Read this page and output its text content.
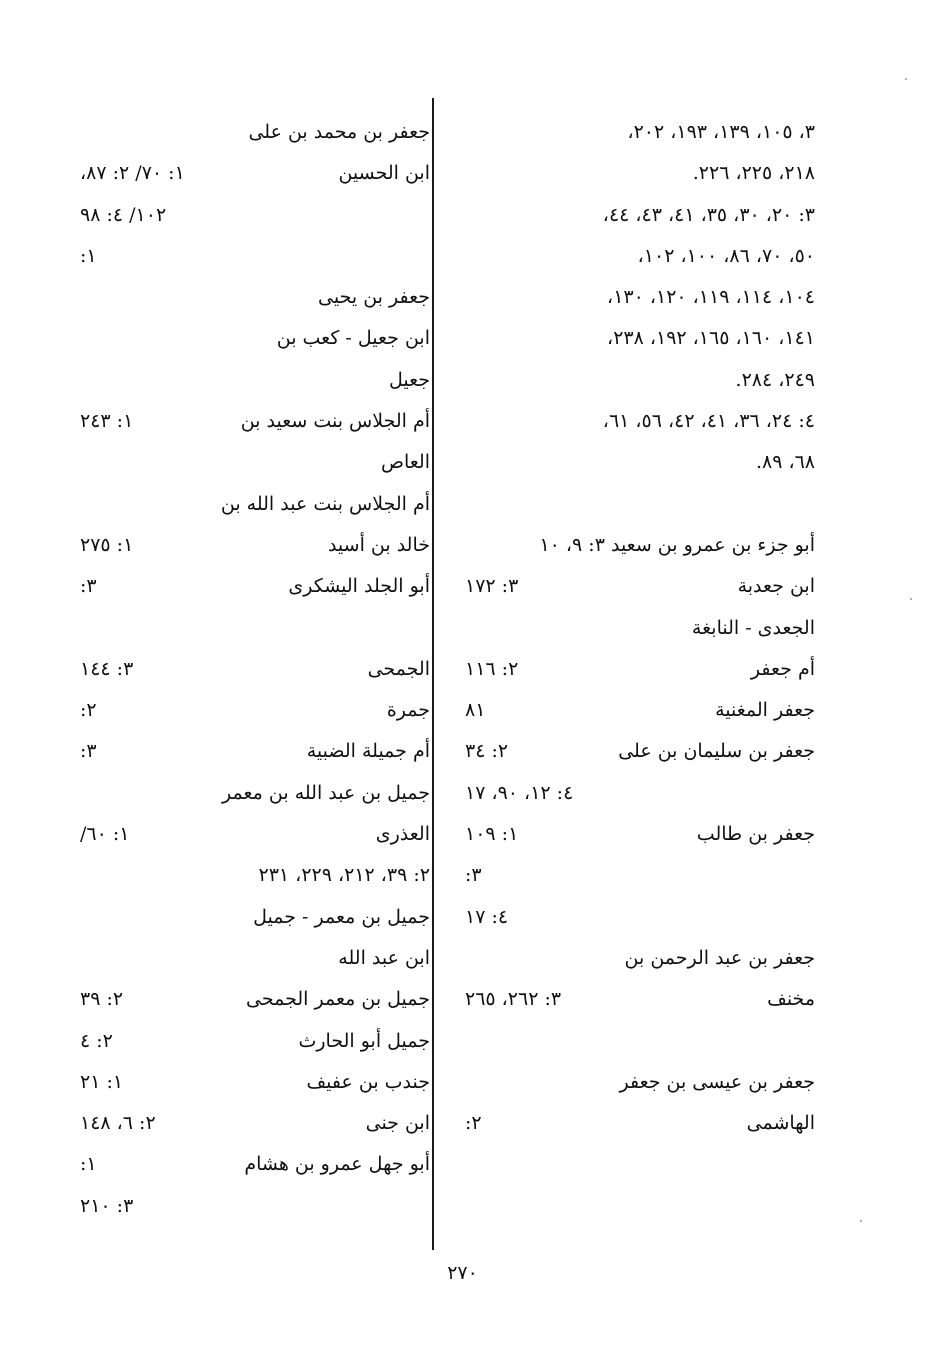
٣، ١٠٥، ١٣٩، ١٩٣، ٢٠٢،
٢١٨، ٢٢٥، ٢٢٦.
٣: ٢٠، ٣٠، ٣٥، ٤١، ٤٣، ٤٤،
٥٠، ٧٠، ٨٦، ١٠٠، ١٠٢،
١٠٤، ١١٤، ١١٩، ١٢٠، ١٣٠،
١٤١، ١٦٠، ١٦٥، ١٩٢، ٢٣٨،
٢٤٩، ٢٨٤.
٤: ٢٤، ٣٦، ٤١، ٤٢، ٥٦، ٦١،
٦٨، ٨٩.
أبو جزء بن عمرو بن سعيد ٣: ٩، ١٠
ابن جعدبة
٣: ١٧٢
الجعدى - النابغة
أم جعفر
٢: ١١٦
جعفر المغنية
٨١
جعفر بن سليمان بن على
٢: ٣٤
٤: ١٢، ٩٠، ١٧
جعفر بن طالب
١: ١٠٩
٣:
٤: ١٧
جعفر بن عبد الرحمن بن
مخنف
٣: ٢٦٢، ٢٦٥
جعفر بن عيسى بن جعفر
الهاشمى
٢:
جعفر بن محمد بن على
ابن الحسين
١: ٧٠/ ٢: ٨٧،
١٠٢/ ٤: ٩٨
١:
جعفر بن يحيى
ابن جعيل - كعب بن
جعيل
أم الجلاس بنت سعيد بن
١: ٢٤٣
العاص
أم الجلاس بنت عبد الله بن
خالد بن أسيد
١: ٢٧٥
أبو الجلد اليشكرى
٣:
الجمحى
٣: ١٤٤
جمرة
٢:
أم جميلة الضبية
٣:
جميل بن عبد الله بن معمر
العذرى
١: ٦٠/
٢: ٣٩، ٢١٢، ٢٢٩، ٢٣١
جميل بن معمر - جميل
ابن عبد الله
جميل بن معمر الجمحى
٢: ٣٩
جميل أبو الحارث
٢: ٤
جندب بن عفيف
١: ٢١
ابن جنى
٢: ٦، ١٤٨
أبو جهل عمرو بن هشام
١:
٣: ٢١٠
٢٧٠
